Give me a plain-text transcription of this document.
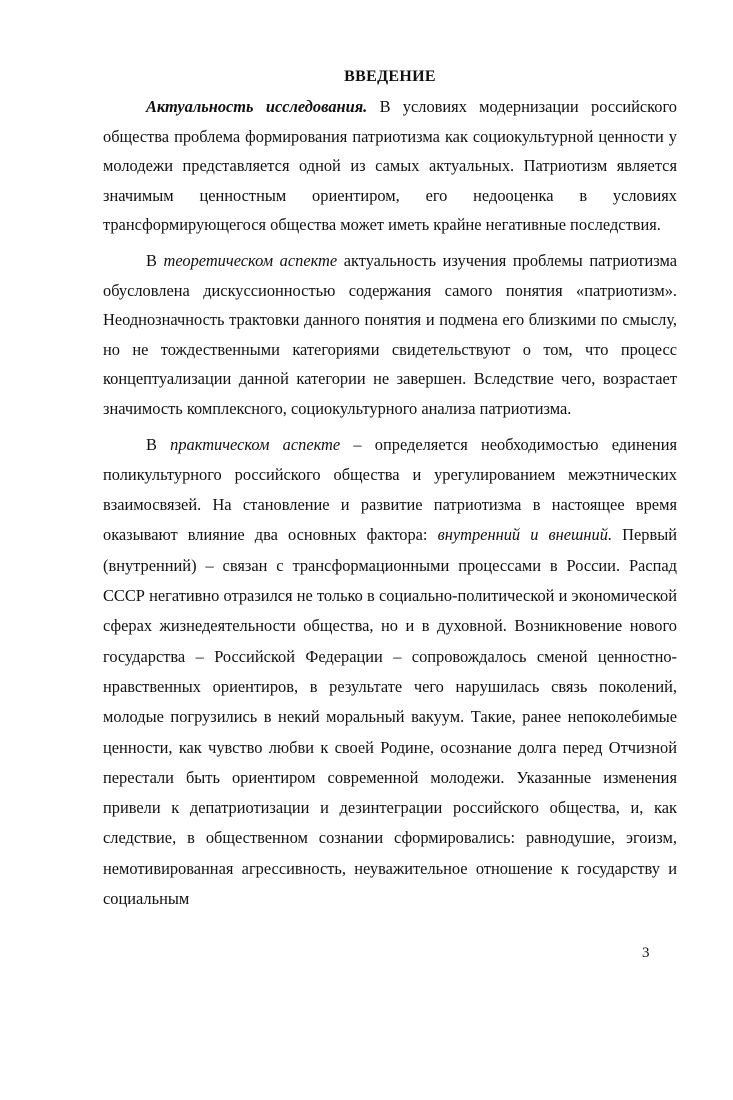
ВВЕДЕНИЕ

Актуальность исследования. В условиях модернизации российского общества проблема формирования патриотизма как социокультурной ценности у молодежи представляется одной из самых актуальных. Патриотизм является значимым ценностным ориентиром, его недооценка в условиях трансформирующегося общества может иметь крайне негативные последствия.

В теоретическом аспекте актуальность изучения проблемы патриотизма обусловлена дискуссионностью содержания самого понятия «патриотизм». Неоднозначность трактовки данного понятия и подмена его близкими по смыслу, но не тождественными категориями свидетельствуют о том, что процесс концептуализации данной категории не завершен. Вследствие чего, возрастает значимость комплексного, социокультурного анализа патриотизма.

В практическом аспекте – определяется необходимостью единения поликультурного российского общества и урегулированием межэтнических взаимосвязей. На становление и развитие патриотизма в настоящее время оказывают влияние два основных фактора: внутренний и внешний. Первый (внутренний) – связан с трансформационными процессами в России. Распад СССР негативно отразился не только в социально-политической и экономической сферах жизнедеятельности общества, но и в духовной. Возникновение нового государства – Российской Федерации – сопровождалось сменой ценностно-нравственных ориентиров, в результате чего нарушилась связь поколений, молодые погрузились в некий моральный вакуум. Такие, ранее непоколебимые ценности, как чувство любви к своей Родине, осознание долга перед Отчизной перестали быть ориентиром современной молодежи. Указанные изменения привели к депатриотизации и дезинтеграции российского общества, и, как следствие, в общественном сознании сформировались: равнодушие, эгоизм, немотивированная агрессивность, неуважительное отношение к государству и социальным

3
